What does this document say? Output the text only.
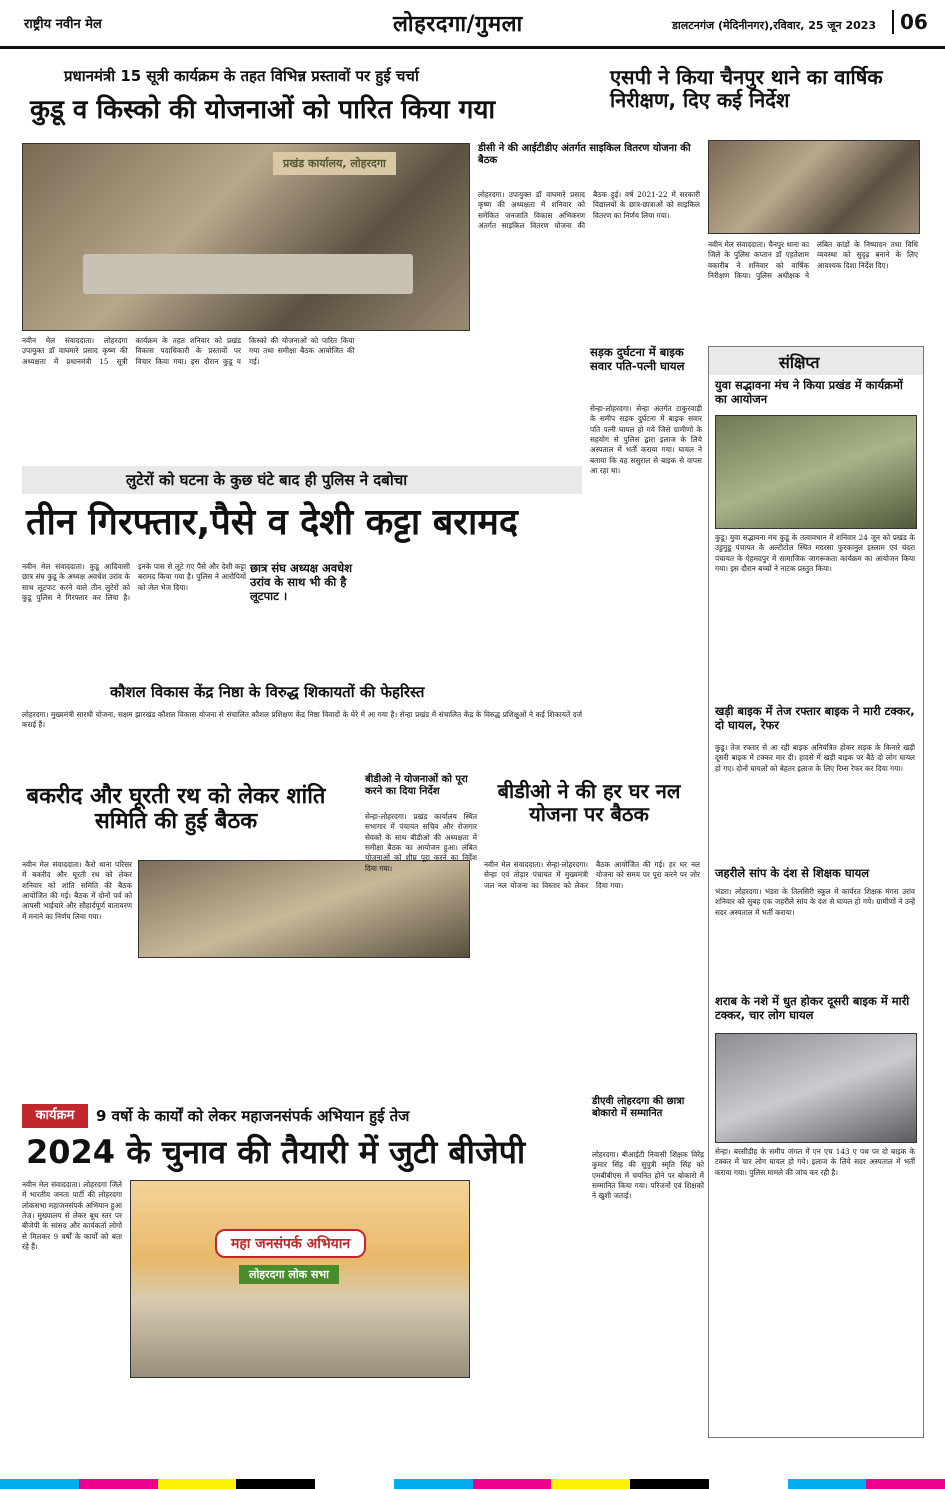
राष्ट्रीय नवीन मेल	लोहरदगा/गुमला	डालटनगंज (मेदिनीनगर),रविवार, 25 जून 2023	06
प्रधानमंत्री 15 सूत्री कार्यक्रम के तहत विभिन्न प्रस्तावों पर हुई चर्चा
कुडू व किस्को की योजनाओं को पारित किया गया
प्रखंड कार्यालय, लोहरदगा
नवीन मेल संवाददाता। लोहरदगा उपायुक्त डॉ वाघमारे प्रसाद कृष्ण की अध्यक्षता में प्रधानमंत्री 15 सूत्री कार्यक्रम के तहत शनिवार को प्रखंड विकास पदाधिकारी के प्रस्तावों पर विचार किया गया। इस दौरान कुडू व किस्को की योजनाओं को पारित किया गया तथा समीक्षा बैठक आयोजित की गई।
डीसी ने की आईटीडीए अंतर्गत साइकिल वितरण योजना की बैठक
लोहरदगा। उपायुक्त डॉ वाघमारे प्रसाद कृष्ण की अध्यक्षता में शनिवार को समेकित जनजाति विकास अभिकरण अंतर्गत साइकिल वितरण योजना की बैठक हुई। वर्ष 2021-22 में सरकारी विद्यालयों के छात्र-छात्राओं को साइकिल वितरण का निर्णय लिया गया।
एसपी ने किया चैनपुर थाने का वार्षिक निरीक्षण, दिए कई निर्देश
नवीन मेल संवाददाता। चैनपुर थाना का जिले के पुलिस कप्तान डॉ एहतेशाम वकारीब ने शनिवार को वार्षिक निरीक्षण किया। पुलिस अधीक्षक ने लंबित कांडों के निष्पादन तथा विधि व्यवस्था को सुदृढ़ बनाने के लिए आवश्यक दिशा निर्देश दिए।
सड़क दुर्घटना में बाइक सवार पति-पत्नी घायल
सेन्हा-लोहरदगा। सेन्हा अंतर्गत टाकुरवाड़ी के समीप सड़क दुर्घटना में बाइक सवार पति पत्नी घायल हो गये जिसे ग्रामीणों के सहयोग से पुलिस द्वारा इलाज के लिये अस्पताल में भर्ती कराया गया। घायल ने बताया कि वह ससुराल से बाइक से वापस आ रहा था।
संक्षिप्त
युवा सद्भावना मंच ने किया प्रखंड में कार्यक्रमों का आयोजन
कुडू। युवा सद्भावना मंच कुडू के तत्वावधान में शनिवार 24 जून को प्रखंड के उडुमुडू पंचायत के अल्टीटोल स्थित मदरसा फुरकानुल इस्लाम एवं चंदरा पंचायत के ऐहमदपुर में सामाजिक जागरूकता कार्यक्रम का आयोजन किया गया। इस दौरान बच्चों ने नाटक प्रस्तुत किया।
खड़ी बाइक में तेज रफ्तार बाइक ने मारी टक्कर, दो घायल, रेफर
कुडू। तेज रफ्तार से आ रही बाइक अनियंत्रित होकर सड़क के किनारे खड़ी दूसरी बाइक में टक्कर मार दी। हादसे में खड़ी बाइक पर बैठे दो लोग घायल हो गए। दोनों घायलों को बेहतर इलाज के लिए रिम्स रेफर कर दिया गया।
जहरीले सांप के दंश से शिक्षक घायल
भंडरा। लोहरदगा। भंडरा के तिलसिरी स्कूल में कार्यरत शिक्षक मंगरा उरांव शनिवार को सुबह एक जहरीले सांप के दंश से घायल हो गये। ग्रामीणों ने उन्हें सदर अस्पताल में भर्ती कराया।
शराब के नशे में धुत होकर दूसरी बाइक में मारी टक्कर, चार लोग घायल
सेन्हा। बरसीडीह के समीप जंगल में एन एच 143 ए पथ पर दो बाइक के टक्कर में चार लोग घायल हो गये। इलाज के लिये सदर अस्पताल में भर्ती कराया गया। पुलिस मामले की जांच कर रही है।
लुटेरों को घटना के कुछ घंटे बाद ही पुलिस ने दबोचा
तीन गिरफ्तार,पैसे व देशी कट्टा बरामद
छात्र संघ अध्यक्ष अवधेश उरांव के साथ भी की है लूटपाट ।
नवीन मेल संवाददाता। कुडू आदिवासी छात्र संघ कुडू के अध्यक्ष अवधेश उरांव के साथ लूटपाट करने वाले तीन लुटेरों को कुडू पुलिस ने गिरफ्तार कर लिया है। इनके पास से लूटे गए पैसे और देशी कट्टा बरामद किया गया है। पुलिस ने आरोपियों को जेल भेज दिया।
कौशल विकास केंद्र निष्ठा के विरुद्ध शिकायतों की फेहरिस्त
लोहरदगा। मुख्यमंत्री सारथी योजना, सक्षम झारखंड कौशल विकास योजना से संचालित कौशल प्रशिक्षण केंद्र निष्ठा विवादों के घेरे में आ गया है। सेन्हा प्रखंड में संचालित केंद्र के विरुद्ध प्रशिक्षुओं ने कई शिकायतें दर्ज कराई हैं।
बकरीद और घूरती रथ को लेकर शांति समिति की हुई बैठक
नवीन मेल संवाददाता। कैरो थाना परिसर में बकरीद और घूरती रथ को लेकर शनिवार को शांति समिति की बैठक आयोजित की गई। बैठक में दोनों पर्व को आपसी भाईचारे और सौहार्दपूर्ण वातावरण में मनाने का निर्णय लिया गया।
बीडीओ ने योजनाओं को पूरा करने का दिया निर्देश
सेन्हा-लोहरदगा। प्रखंड कार्यालय स्थित सभागार में पंचायत सचिव और रोजगार सेवकों के साथ बीडीओ की अध्यक्षता में समीक्षा बैठक का आयोजन हुआ। लंबित योजनाओं को शीघ्र पूरा करने का निर्देश दिया गया।
बीडीओ ने की हर घर नल योजना पर बैठक
नवीन मेल संवाददाता। सेन्हा-लोहरदगा। सेन्हा एवं तोड़ार पंचायत में मुख्यमंत्री जल नल योजना का विस्तार को लेकर बैठक आयोजित की गई। हर घर नल योजना को समय पर पूरा करने पर जोर दिया गया।
कार्यक्रम	9 वर्षो के कार्यों को लेकर महाजनसंपर्क अभियान हुई तेज
2024 के चुनाव की तैयारी में जुटी बीजेपी
नवीन मेल संवाददाता। लोहरदगा जिले में भारतीय जनता पार्टी की लोहरदगा लोकसभा महाजनसंपर्क अभियान हुआ तेज। मुख्यालय से लेकर बूथ स्तर पर बीजेपी के सांसद और कार्यकर्ता लोगों से मिलकर 9 वर्षों के कार्यों को बता रहे हैं।	महा जनसंपर्क अभियान
लोहरदगा लोक सभा
डीएवी लोहरदगा की छात्रा बोकारो में सम्मानित
लोहरदगा। बीआईटी निवासी शिक्षक विरेंद्र कुमार सिंह की सुपुत्री स्मृति सिंह को एमबीबीएस में चयनित होने पर बोकारो में सम्मानित किया गया। परिजनों एवं शिक्षकों ने खुशी जताई।
